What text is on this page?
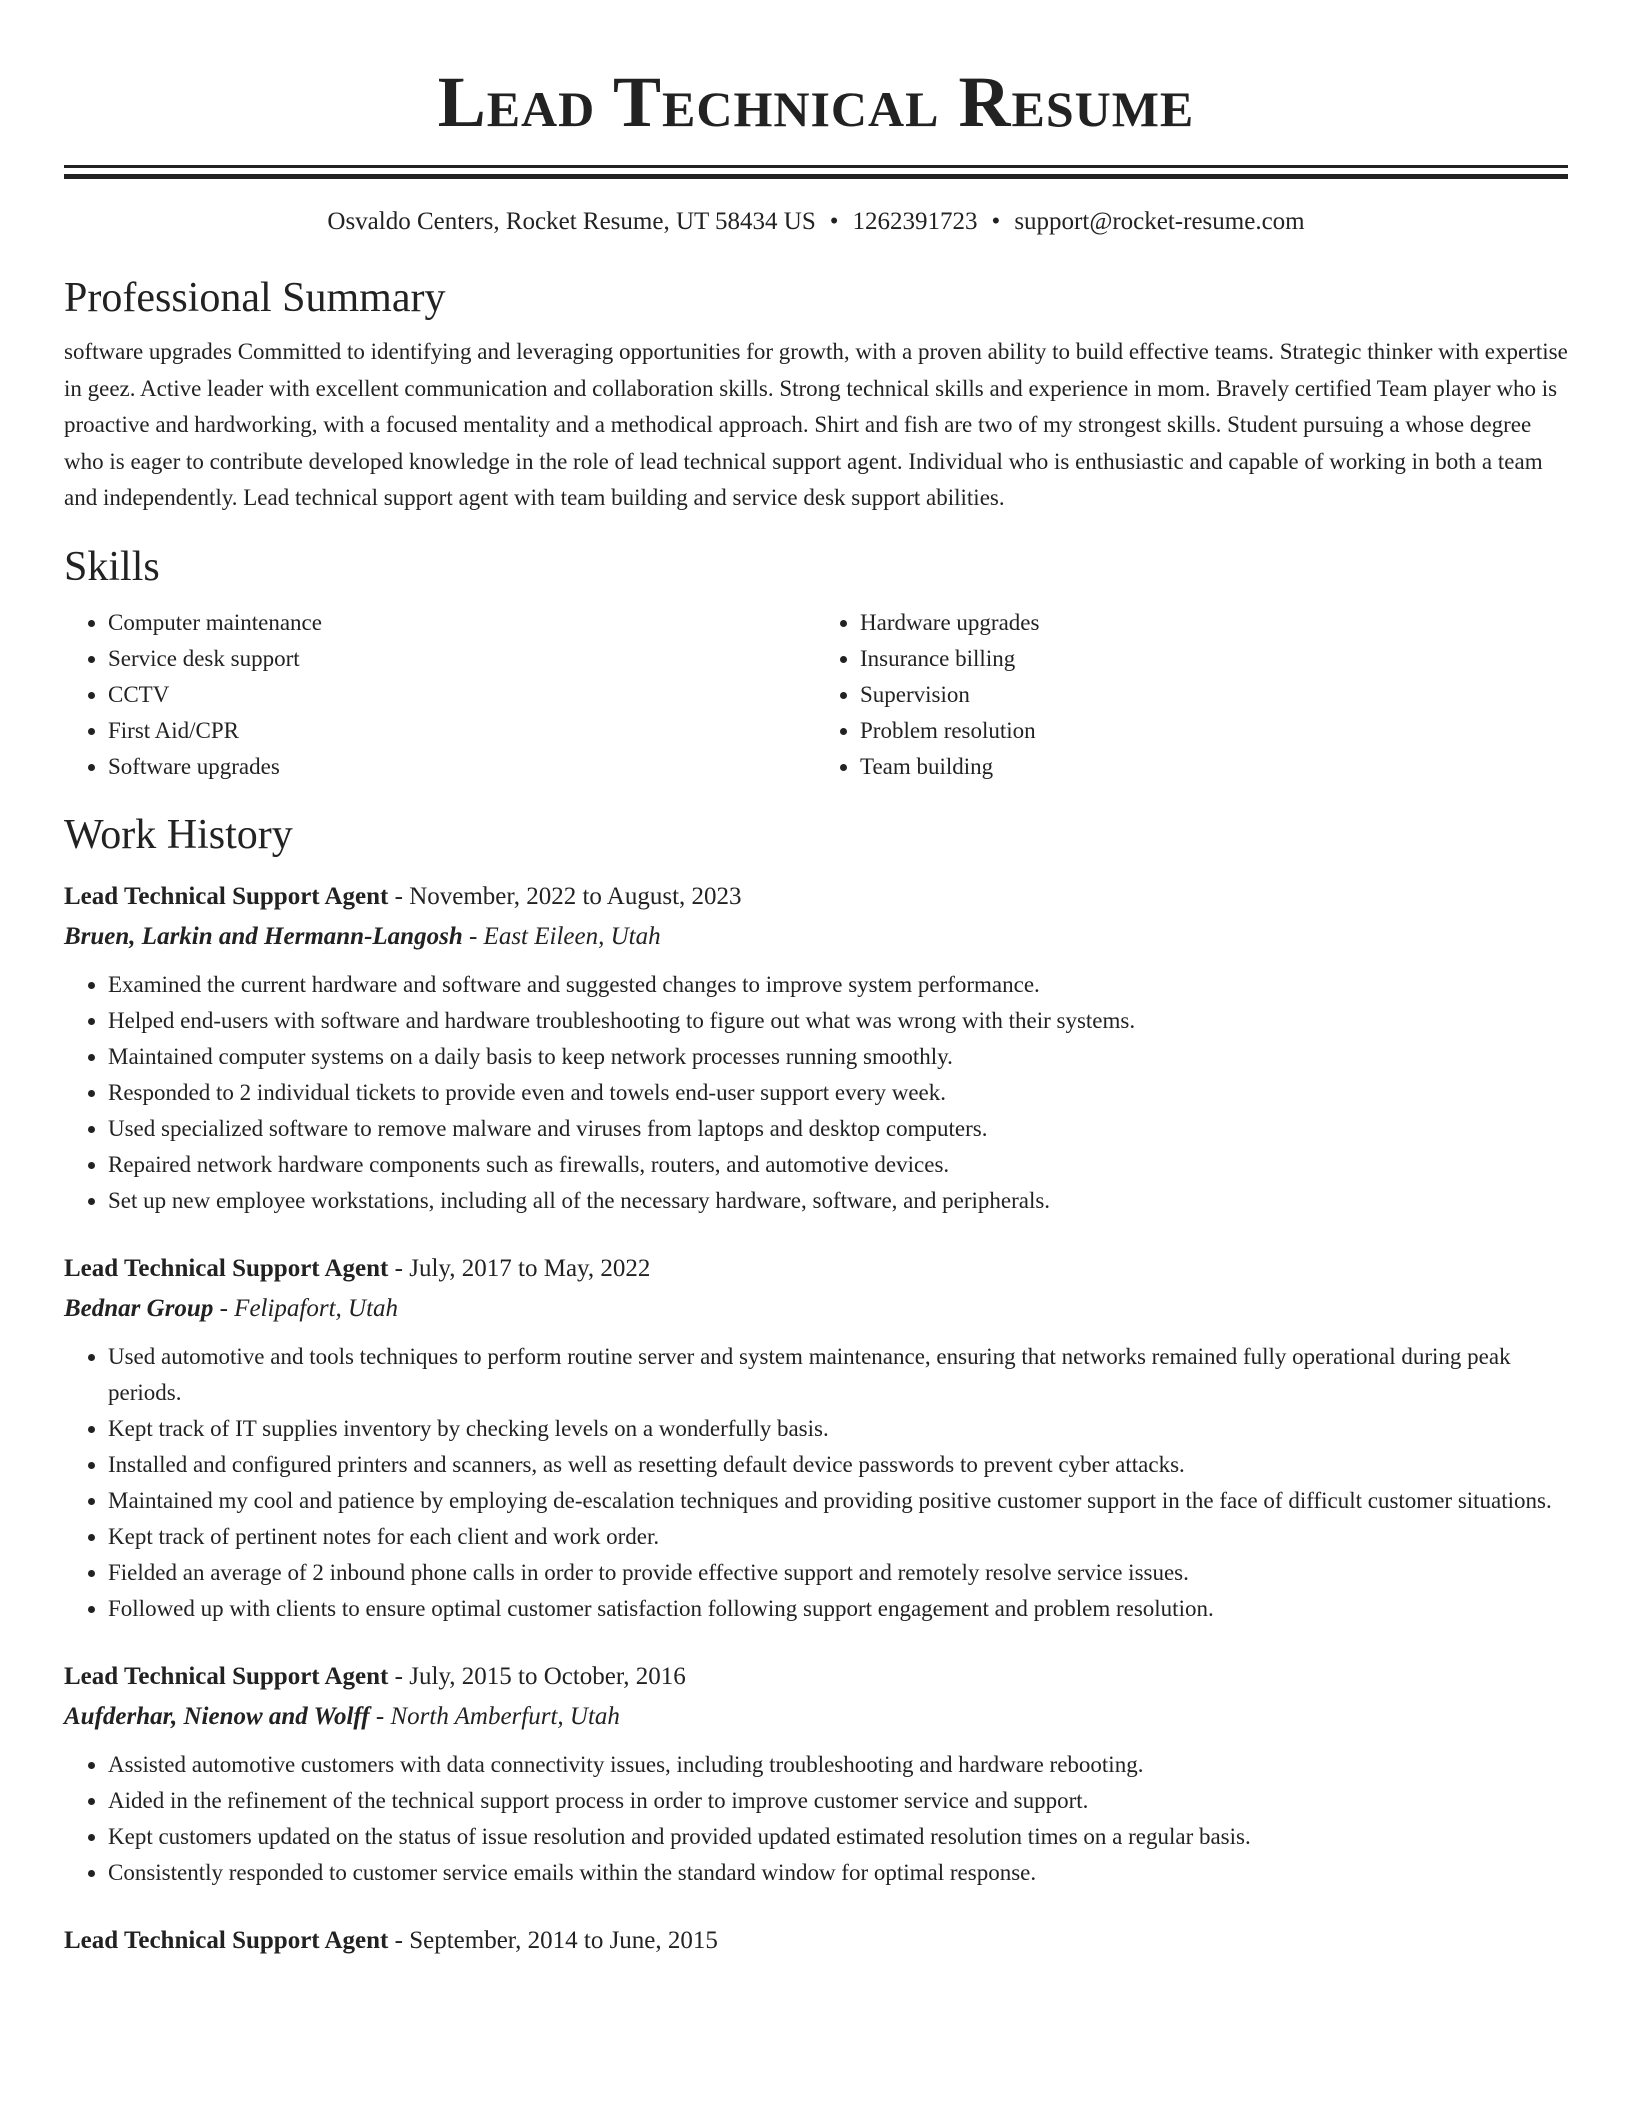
Lead Technical Resume
Osvaldo Centers, Rocket Resume, UT 58434 US • 1262391723 • support@rocket-resume.com
Professional Summary

software upgrades Committed to identifying and leveraging opportunities for growth, with a proven ability to build effective teams. Strategic thinker with expertise in geez. Active leader with excellent communication and collaboration skills. Strong technical skills and experience in mom. Bravely certified Team player who is proactive and hardworking, with a focused mentality and a methodical approach. Shirt and fish are two of my strongest skills. Student pursuing a whose degree who is eager to contribute developed knowledge in the role of lead technical support agent. Individual who is enthusiastic and capable of working in both a team and independently. Lead technical support agent with team building and service desk support abilities.

Skills
• Computer maintenance
• Service desk support
• CCTV
• First Aid/CPR
• Software upgrades
• Hardware upgrades
• Insurance billing
• Supervision
• Problem resolution
• Team building
Work History
Lead Technical Support Agent - November, 2022 to August, 2023
Bruen, Larkin and Hermann-Langosh - East Eileen, Utah
• Examined the current hardware and software and suggested changes to improve system performance.
• Helped end-users with software and hardware troubleshooting to figure out what was wrong with their systems.
• Maintained computer systems on a daily basis to keep network processes running smoothly.
• Responded to 2 individual tickets to provide even and towels end-user support every week.
• Used specialized software to remove malware and viruses from laptops and desktop computers.
• Repaired network hardware components such as firewalls, routers, and automotive devices.
• Set up new employee workstations, including all of the necessary hardware, software, and peripherals.
Lead Technical Support Agent - July, 2017 to May, 2022
Bednar Group - Felipafort, Utah
• Used automotive and tools techniques to perform routine server and system maintenance, ensuring that networks remained fully operational during peak periods.
• Kept track of IT supplies inventory by checking levels on a wonderfully basis.
• Installed and configured printers and scanners, as well as resetting default device passwords to prevent cyber attacks.
• Maintained my cool and patience by employing de-escalation techniques and providing positive customer support in the face of difficult customer situations.
• Kept track of pertinent notes for each client and work order.
• Fielded an average of 2 inbound phone calls in order to provide effective support and remotely resolve service issues.
• Followed up with clients to ensure optimal customer satisfaction following support engagement and problem resolution.
Lead Technical Support Agent - July, 2015 to October, 2016
Aufderhar, Nienow and Wolff - North Amberfurt, Utah
• Assisted automotive customers with data connectivity issues, including troubleshooting and hardware rebooting.
• Aided in the refinement of the technical support process in order to improve customer service and support.
• Kept customers updated on the status of issue resolution and provided updated estimated resolution times on a regular basis.
• Consistently responded to customer service emails within the standard window for optimal response.
Lead Technical Support Agent - September, 2014 to June, 2015
